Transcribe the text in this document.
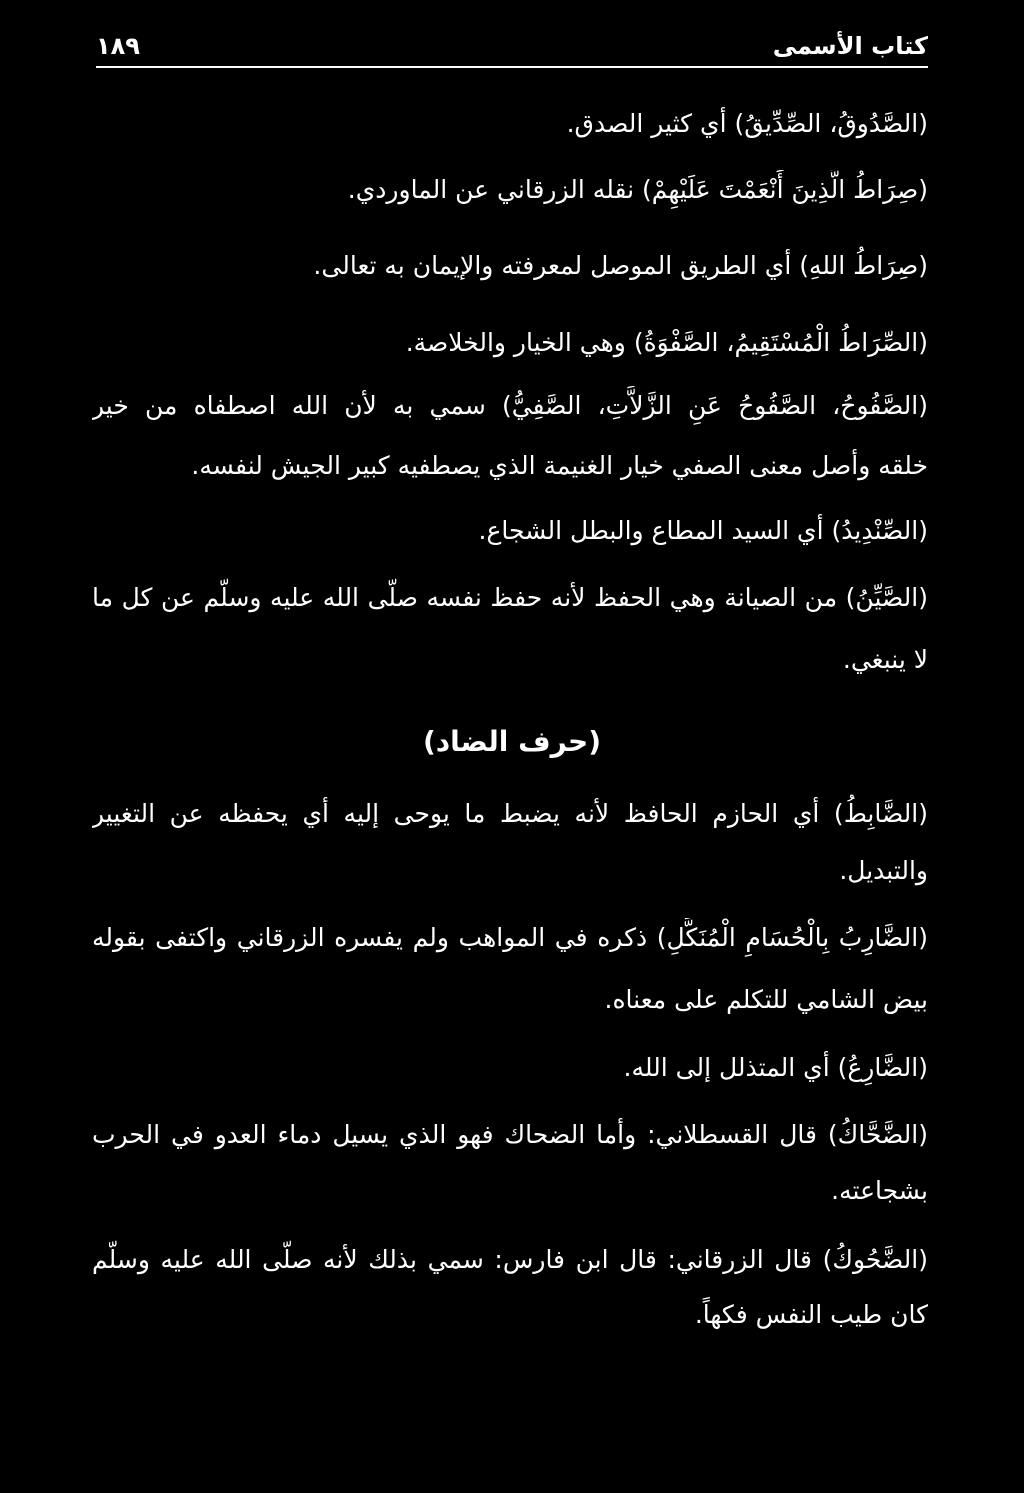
كتاب الأسمى
١٨٩
(الصَّدُوقُ، الصِّدِّيقُ) أي كثير الصدق.
(صِرَاطُ الَّذِينَ أَنْعَمْتَ عَلَيْهِمْ) نقله الزرقاني عن الماوردي.
(صِرَاطُ اللهِ) أي الطريق الموصل لمعرفته والإيمان به تعالى.
(الصِّرَاطُ الْمُسْتَقِيمُ، الصَّفْوَةُ) وهي الخيار والخلاصة.
(الصَّفُوحُ، الصَّفُوحُ عَنِ الزَّلاَّتِ، الصَّفِيُّ) سمي به لأن الله اصطفاه من خير
خلقه وأصل معنى الصفي خيار الغنيمة الذي يصطفيه كبير الجيش لنفسه.
(الصِّنْدِيدُ) أي السيد المطاع والبطل الشجاع.
(الصَّيِّنُ) من الصيانة وهي الحفظ لأنه حفظ نفسه صلّى الله عليه وسلّم عن كل ما
لا ينبغي.
(حرف الضاد)
(الضَّابِطُ) أي الحازم الحافظ لأنه يضبط ما يوحى إليه أي يحفظه عن التغيير
والتبديل.
(الضَّارِبُ بِالْحُسَامِ الْمُنَكَّلِ) ذكره في المواهب ولم يفسره الزرقاني واكتفى بقوله
بيض الشامي للتكلم على معناه.
(الضَّارِعُ) أي المتذلل إلى الله.
(الضَّحَّاكُ) قال القسطلاني: وأما الضحاك فهو الذي يسيل دماء العدو في الحرب
بشجاعته.
(الضَّحُوكُ) قال الزرقاني: قال ابن فارس: سمي بذلك لأنه صلّى الله عليه وسلّم
كان طيب النفس فكهاً.
